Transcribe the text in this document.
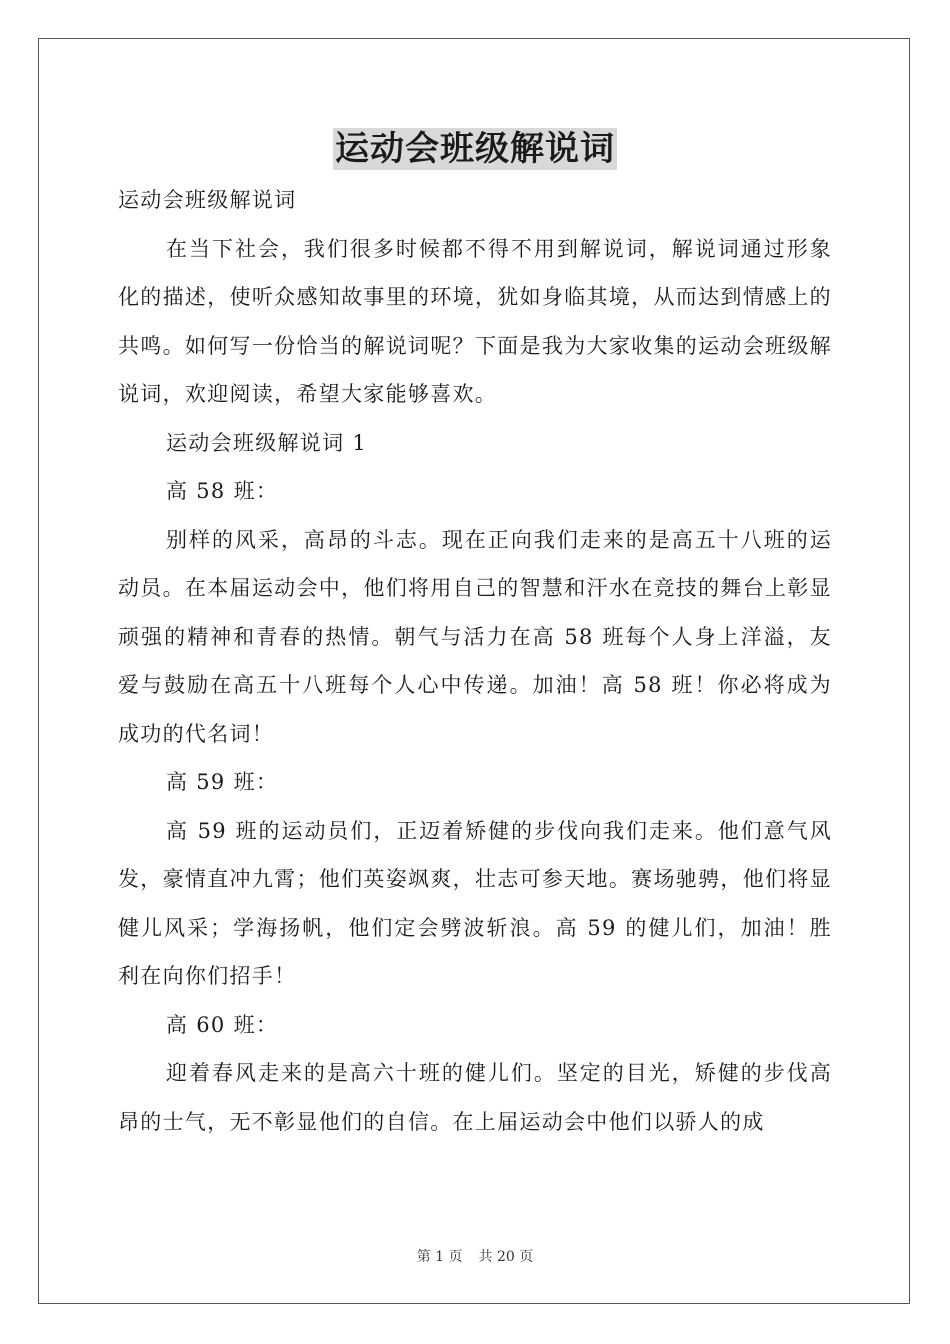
运动会班级解说词

运动会班级解说词

在当下社会，我们很多时候都不得不用到解说词，解说词通过形象化的描述，使听众感知故事里的环境，犹如身临其境，从而达到情感上的共鸣。如何写一份恰当的解说词呢？下面是我为大家收集的运动会班级解说词，欢迎阅读，希望大家能够喜欢。

运动会班级解说词 1

高 58 班：

别样的风采，高昂的斗志。现在正向我们走来的是高五十八班的运动员。在本届运动会中，他们将用自己的智慧和汗水在竞技的舞台上彰显顽强的精神和青春的热情。朝气与活力在高 58 班每个人身上洋溢，友爱与鼓励在高五十八班每个人心中传递。加油！高 58 班！你必将成为成功的代名词！

高 59 班：

高 59 班的运动员们，正迈着矫健的步伐向我们走来。他们意气风发，豪情直冲九霄；他们英姿飒爽，壮志可参天地。赛场驰骋，他们将显健儿风采；学海扬帆，他们定会劈波斩浪。高 59 的健儿们，加油！胜利在向你们招手！

高 60 班：

迎着春风走来的是高六十班的健儿们。坚定的目光，矫健的步伐高昂的士气，无不彰显他们的自信。在上届运动会中他们以骄人的成

第 1 页 共 20 页
